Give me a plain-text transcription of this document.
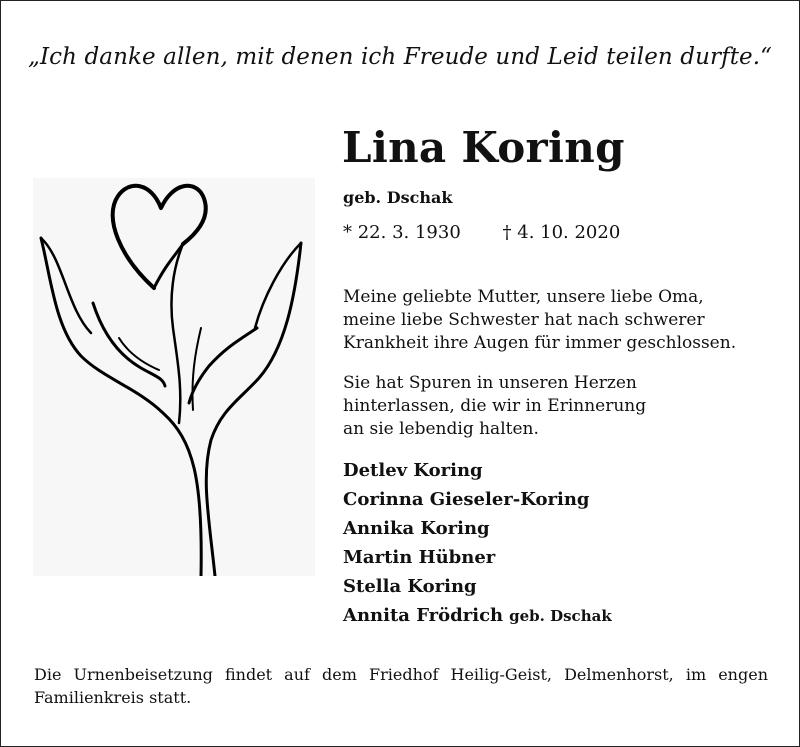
„Ich danke allen, mit denen ich Freude und Leid teilen durfte.“
Lina Koring
geb. Dschak
* 22. 3. 1930 † 4. 10. 2020

Meine geliebte Mutter, unsere liebe Oma,
meine liebe Schwester hat nach schwerer
Krankheit ihre Augen für immer geschlossen.

Sie hat Spuren in unseren Herzen
hinterlassen, die wir in Erinnerung
an sie lebendig halten.

Detlev Koring
Corinna Gieseler-Koring
Annika Koring
Martin Hübner
Stella Koring
Annita Frödrich geb. Dschak
Die Urnenbeisetzung findet auf dem Friedhof Heilig-Geist, Delmenhorst, im engen Familienkreis statt.
